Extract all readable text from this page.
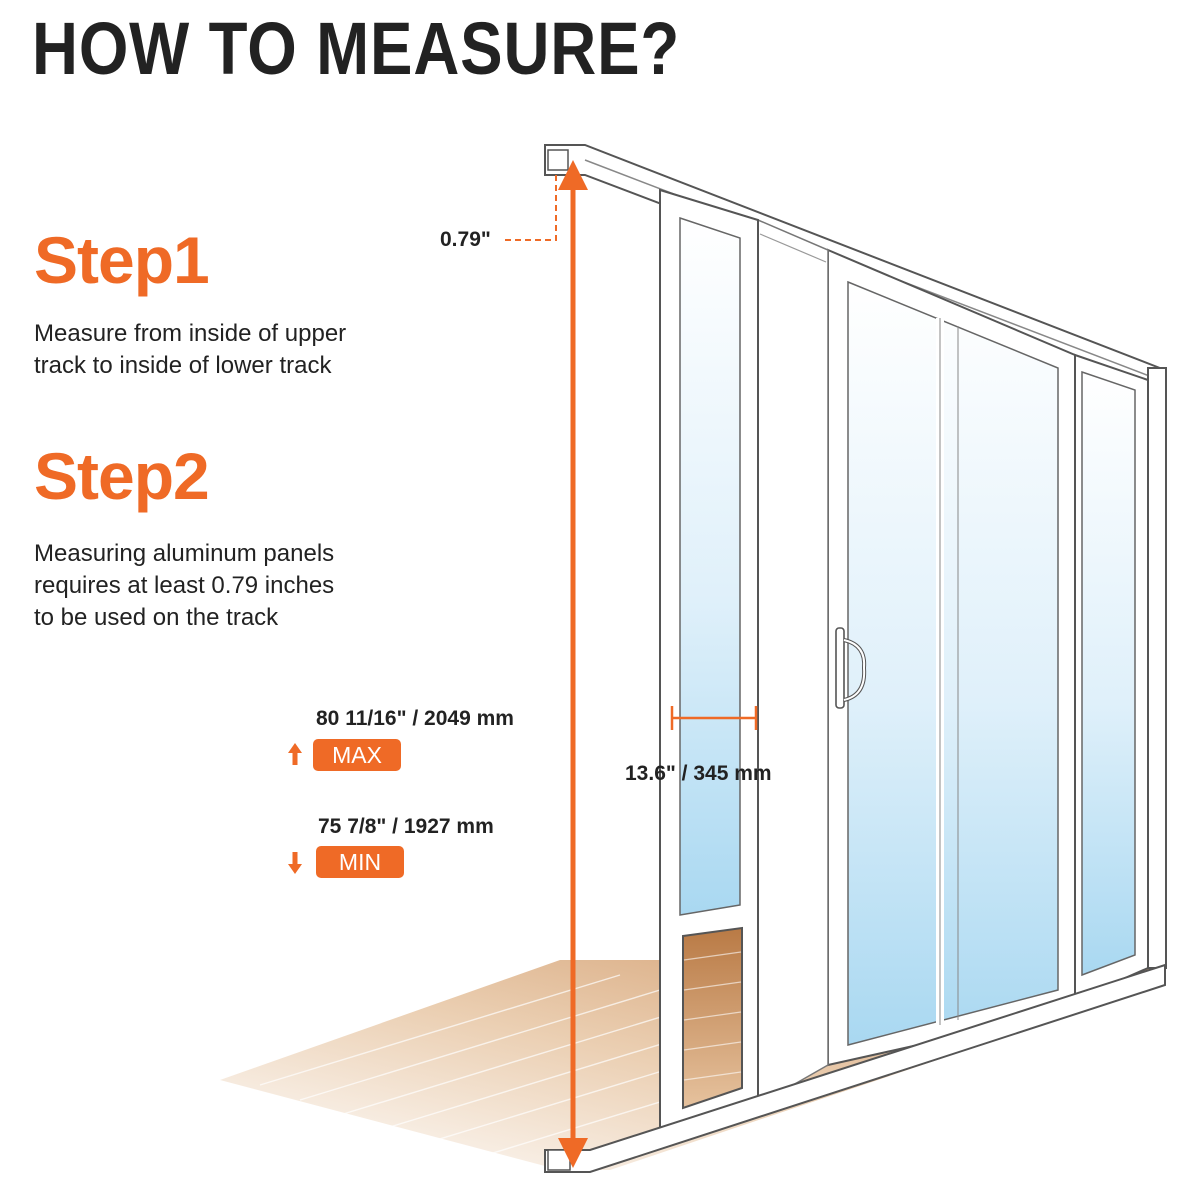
HOW TO MEASURE?
Step1
Measure from inside of upper
track to inside of lower track
Step2
Measuring aluminum panels
requires at least 0.79 inches
to be used on the track
0.79"
13.6" / 345 mm
80 11/16" / 2049 mm
MAX
75 7/8" / 1927 mm
MIN
